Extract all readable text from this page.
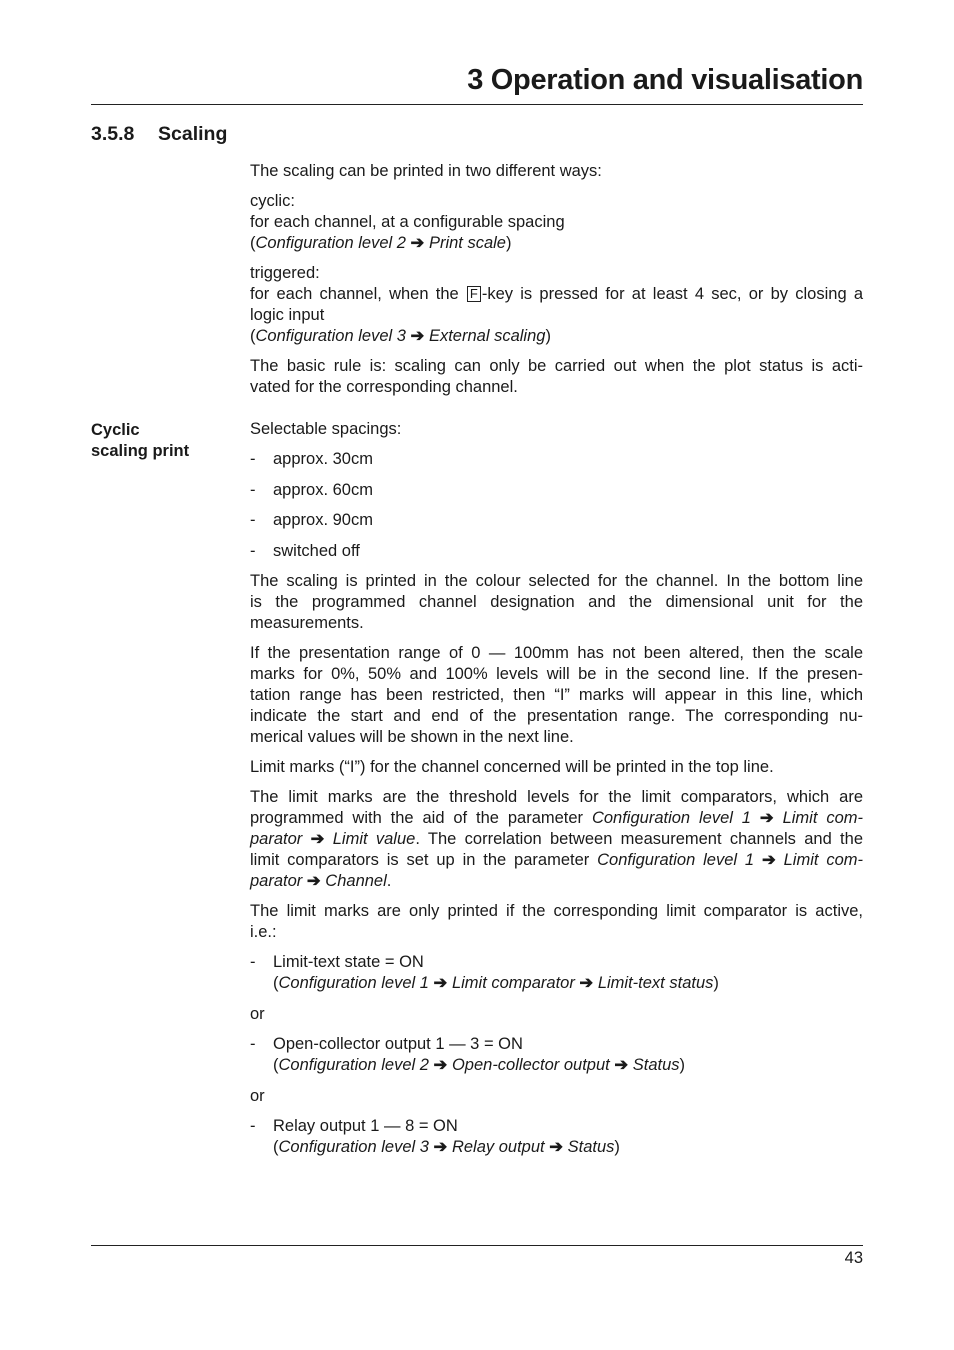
3 Operation and visualisation
3.5.8 Scaling
Cyclic
scaling print

The scaling can be printed in two different ways:

cyclic:
for each channel, at a configurable spacing
(Configuration level 2 ➔ Print scale)
triggered:
for each channel, when the F -key is pressed for at least 4 sec, or by closing a
logic input
(Configuration level 3 ➔ External scaling)
The basic rule is: scaling can only be carried out when the plot status is acti-
vated for the corresponding channel.

Selectable spacings:

- approx. 30cm
- approx. 60cm
- approx. 90cm
- switched off
The scaling is printed in the colour selected for the channel. In the bottom line
is the programmed channel designation and the dimensional unit for the
measurements.
If the presentation range of 0 — 100mm has not been altered, then the scale
marks for 0%, 50% and 100% levels will be in the second line. If the presen-
tation range has been restricted, then “I” marks will appear in this line, which
indicate the start and end of the presentation range. The corresponding nu-
merical values will be shown in the next line.

Limit marks (“I”) for the channel concerned will be printed in the top line.

The limit marks are the threshold levels for the limit comparators, which are
programmed with the aid of the parameter Configuration level 1 ➔ Limit com-
parator ➔ Limit value. The correlation between measurement channels and the
limit comparators is set up in the parameter Configuration level 1 ➔ Limit com-
parator ➔ Channel.
The limit marks are only printed if the corresponding limit comparator is active,
i.e.:
- Limit-text state = ON
(Configuration level 1 ➔ Limit comparator ➔ Limit-text status)

or

- Open-collector output 1 — 3 = ON
(Configuration level 2 ➔ Open-collector output ➔ Status)

or

- Relay output 1 — 8 = ON
(Configuration level 3 ➔ Relay output ➔ Status)
43
